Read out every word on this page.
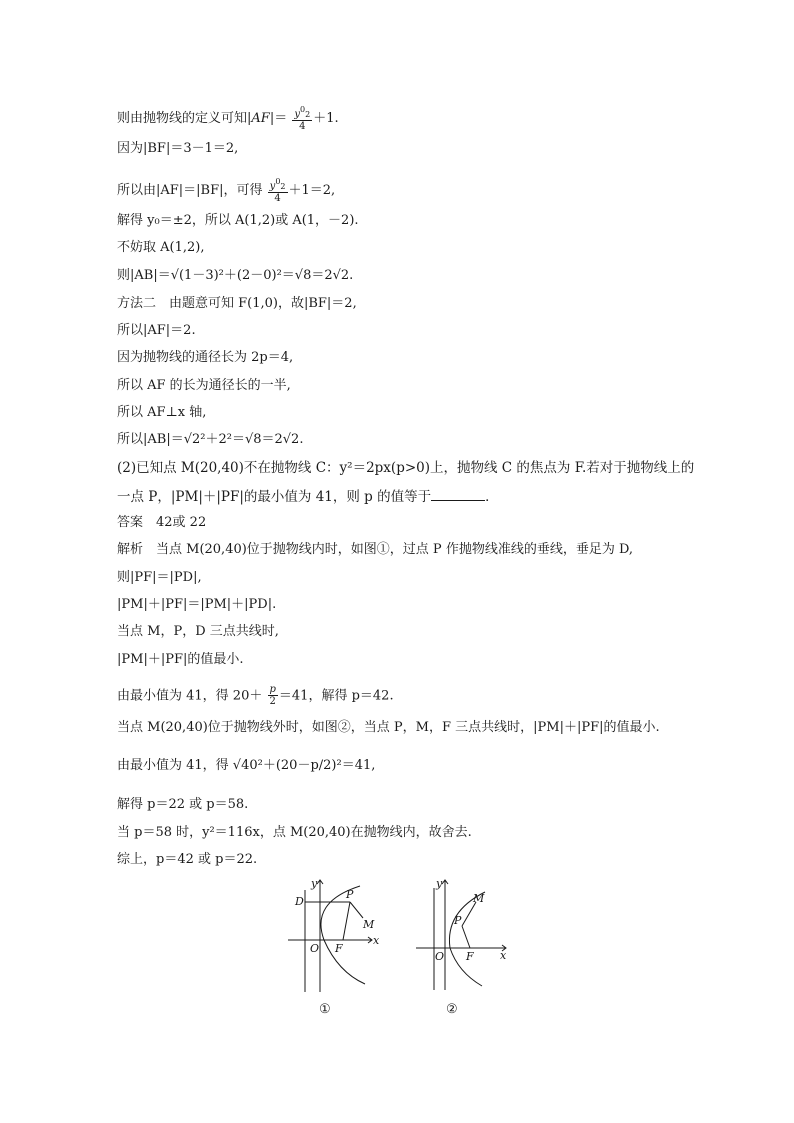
则由抛物线的定义可知$|AF|= \frac{y^02}{4} +1$.
因为|BF|＝3－1＝2,
所以由|AF|＝|BF|，可得 $\frac{y^02}{4} +1=2$,
解得 y₀＝±2，所以 A(1,2)或 A(1，－2).
不妨取 A(1,2),
则|AB|＝√(1－3)²＋(2－0)²＝√8＝2√2.
方法二　由题意可知 F(1,0)，故|BF|＝2,
所以|AF|＝2.
因为抛物线的通径长为 2p＝4,
所以 AF 的长为通径长的一半,
所以 AF⊥x 轴,
所以|AB|＝√2²＋2²＝√8＝2√2.
(2)已知点 M(20,40)不在抛物线 C：y²＝2px(p>0)上，抛物线 C 的焦点为 F.若对于抛物线上的
一点 P，|PM|＋|PF|的最小值为 41，则 p 的值等于	．
答案　42或 22
解析　当点 M(20,40)位于抛物线内时，如图①，过点 P 作抛物线准线的垂线，垂足为 D,
则|PF|＝|PD|,
|PM|＋|PF|＝|PM|＋|PD|.
当点 M，P，D 三点共线时,
|PM|＋|PF|的值最小.
由最小值为 41，得 $20+ \frac{p}{2} =41$，解得 p＝42.
当点 M(20,40)位于抛物线外时，如图②，当点 P，M，F 三点共线时，|PM|＋|PF|的值最小.
由最小值为 41，得 √40²＋(20－p/2)²＝41,
解得 p＝22 或 p＝58.
当 p＝58 时，y²＝116x，点 M(20,40)在抛物线内，故舍去.
综上，p＝42 或 p＝22.
y
x
O F
P
M
D
①
y
x
O F
P
M
②
